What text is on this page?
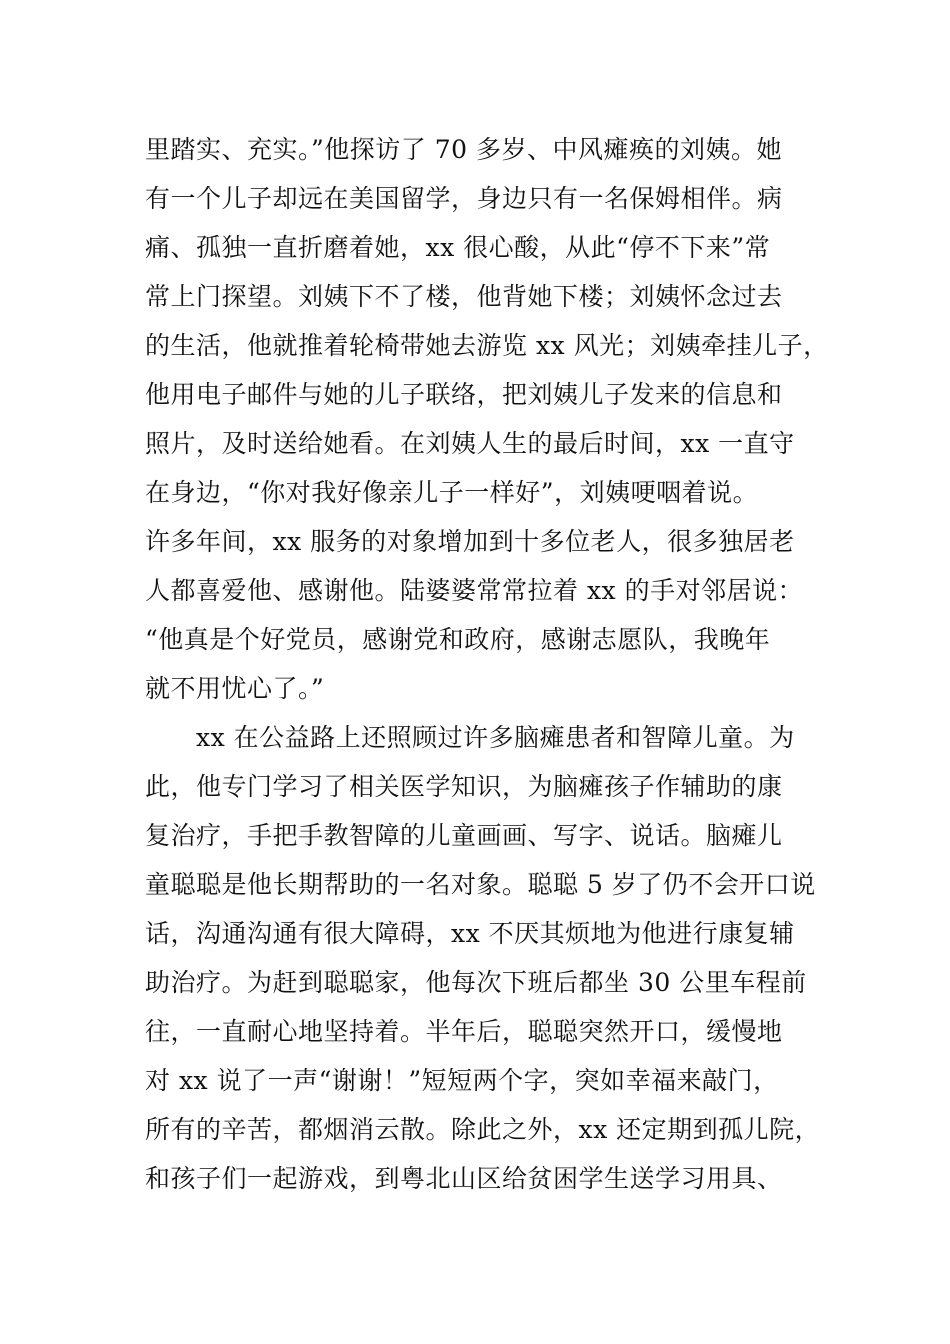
里踏实、充实。”他探访了 70 多岁、中风瘫痪的刘姨。她
有一个儿子却远在美国留学，身边只有一名保姆相伴。病
痛、孤独一直折磨着她，xx 很心酸，从此“停不下来”常
常上门探望。刘姨下不了楼，他背她下楼；刘姨怀念过去
的生活，他就推着轮椅带她去游览 xx 风光；刘姨牵挂儿子，
他用电子邮件与她的儿子联络，把刘姨儿子发来的信息和
照片，及时送给她看。在刘姨人生的最后时间，xx 一直守
在身边，“你对我好像亲儿子一样好”，刘姨哽咽着说。
许多年间，xx 服务的对象增加到十多位老人，很多独居老
人都喜爱他、感谢他。陆婆婆常常拉着 xx 的手对邻居说：
“他真是个好党员，感谢党和政府，感谢志愿队，我晚年
就不用忧心了。”
　　xx 在公益路上还照顾过许多脑瘫患者和智障儿童。为
此，他专门学习了相关医学知识，为脑瘫孩子作辅助的康
复治疗，手把手教智障的儿童画画、写字、说话。脑瘫儿
童聪聪是他长期帮助的一名对象。聪聪 5 岁了仍不会开口说
话，沟通沟通有很大障碍，xx 不厌其烦地为他进行康复辅
助治疗。为赶到聪聪家，他每次下班后都坐 30 公里车程前
往，一直耐心地坚持着。半年后，聪聪突然开口，缓慢地
对 xx 说了一声“谢谢！”短短两个字，突如幸福来敲门，
所有的辛苦，都烟消云散。除此之外，xx 还定期到孤儿院，
和孩子们一起游戏，到粤北山区给贫困学生送学习用具、
